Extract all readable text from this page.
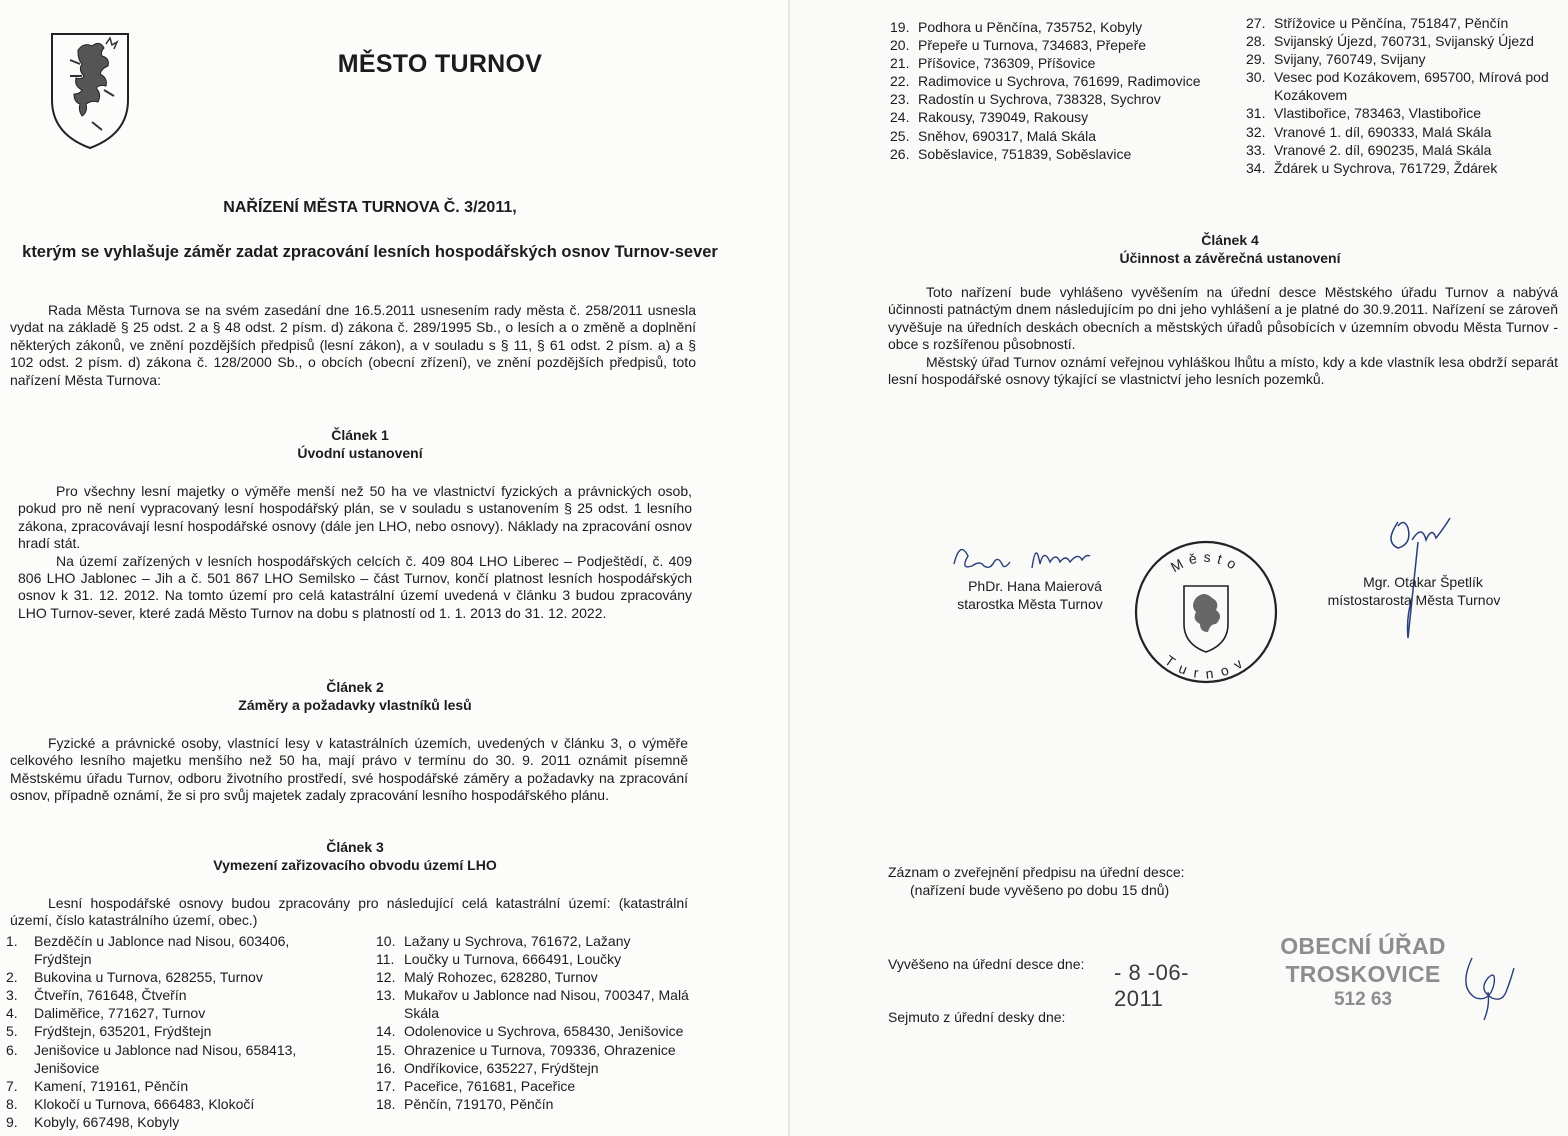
MĚSTO TURNOV
NAŘÍZENÍ MĚSTA TURNOVA Č. 3/2011,
kterým se vyhlašuje záměr zadat zpracování lesních hospodářských osnov Turnov-sever

Rada Města Turnova se na svém zasedání dne 16.5.2011 usnesením rady města č. 258/2011 usnesla vydat na základě § 25 odst. 2 a § 48 odst. 2 písm. d) zákona č. 289/1995 Sb., o lesích a o změně a doplnění některých zákonů, ve znění pozdějších předpisů (lesní zákon), a v souladu s § 11, § 61 odst. 2 písm. a) a § 102 odst. 2 písm. d) zákona č. 128/2000 Sb., o obcích (obecní zřízení), ve znění pozdějších předpisů, toto nařízení Města Turnova:

Článek 1
Úvodní ustanovení

Pro všechny lesní majetky o výměře menší než 50 ha ve vlastnictví fyzických a právnických osob, pokud pro ně není vypracovaný lesní hospodářský plán, se v souladu s ustanovením § 25 odst. 1 lesního zákona, zpracovávají lesní hospodářské osnovy (dále jen LHO, nebo osnovy). Náklady na zpracování osnov hradí stát.

Na území zařízených v lesních hospodářských celcích č. 409 804 LHO Liberec – Podještědí, č. 409 806 LHO Jablonec – Jih a č. 501 867 LHO Semilsko – část Turnov, končí platnost lesních hospodářských osnov k 31. 12. 2012. Na tomto území pro celá katastrální území uvedená v článku 3 budou zpracovány LHO Turnov-sever, které zadá Město Turnov na dobu s platností od 1. 1. 2013 do 31. 12. 2022.

Článek 2
Záměry a požadavky vlastníků lesů

Fyzické a právnické osoby, vlastnící lesy v katastrálních územích, uvedených v článku 3, o výměře celkového lesního majetku menšího než 50 ha, mají právo v termínu do 30. 9. 2011 oznámit písemně Městskému úřadu Turnov, odboru životního prostředí, své hospodářské záměry a požadavky na zpracování osnov, případně oznámí, že si pro svůj majetek zadaly zpracování lesního hospodářského plánu.

Článek 3
Vymezení zařizovacího obvodu území LHO

Lesní hospodářské osnovy budou zpracovány pro následující celá katastrální území: (katastrální území, číslo katastrálního území, obec.)

1. Bezděčín u Jablonce nad Nisou, 603406, Frýdštejn
2. Bukovina u Turnova, 628255, Turnov
3. Čtveřín, 761648, Čtveřín
4. Daliměřice, 771627, Turnov
5. Frýdštejn, 635201, Frýdštejn
6. Jenišovice u Jablonce nad Nisou, 658413, Jenišovice
7. Kamení, 719161, Pěnčín
8. Klokočí u Turnova, 666483, Klokočí
9. Kobyly, 667498, Kobyly
10. Lažany u Sychrova, 761672, Lažany
11. Loučky u Turnova, 666491, Loučky
12. Malý Rohozec, 628280, Turnov
13. Mukařov u Jablonce nad Nisou, 700347, Malá Skála
14. Odolenovice u Sychrova, 658430, Jenišovice
15. Ohrazenice u Turnova, 709336, Ohrazenice
16. Ondříkovice, 635227, Frýdštejn
17. Paceřice, 761681, Paceřice
18. Pěnčín, 719170, Pěnčín
19. Podhora u Pěnčína, 735752, Kobyly
20. Přepeře u Turnova, 734683, Přepeře
21. Příšovice, 736309, Příšovice
22. Radimovice u Sychrova, 761699, Radimovice
23. Radostín u Sychrova, 738328, Sychrov
24. Rakousy, 739049, Rakousy
25. Sněhov, 690317, Malá Skála
26. Soběslavice, 751839, Soběslavice
27. Střížovice u Pěnčína, 751847, Pěnčín
28. Svijanský Újezd, 760731, Svijanský Újezd
29. Svijany, 760749, Svijany
30. Vesec pod Kozákovem, 695700, Mírová pod Kozákovem
31. Vlastibořice, 783463, Vlastibořice
32. Vranové 1. díl, 690333, Malá Skála
33. Vranové 2. díl, 690235, Malá Skála
34. Ždárek u Sychrova, 761729, Ždárek
Článek 4
Účinnost a závěrečná ustanovení

Toto nařízení bude vyhlášeno vyvěšením na úřední desce Městského úřadu Turnov a nabývá účinnosti patnáctým dnem následujícím po dni jeho vyhlášení a je platné do 30.9.2011. Nařízení se zároveň vyvěšuje na úředních deskách obecních a městských úřadů působících v územním obvodu Města Turnov - obce s rozšířenou působností.

Městský úřad Turnov oznámí veřejnou vyhláškou lhůtu a místo, kdy a kde vlastník lesa obdrží separát lesní hospodářské osnovy týkající se vlastnictví jeho lesních pozemků.

PhDr. Hana Maierová
starostka Města Turnov
Město
Turnov
Mgr. Otakar Špetlík
místostarosta Města Turnov
Záznam o zveřejnění předpisu na úřední desce:
(nařízení bude vyvěšeno po dobu 15 dnů)
Vyvěšeno na úřední desce dne:	- 8 -06- 2011
Sejmuto z úřední desky dne:
OBECNÍ ÚŘAD
TROSKOVICE
512 63
